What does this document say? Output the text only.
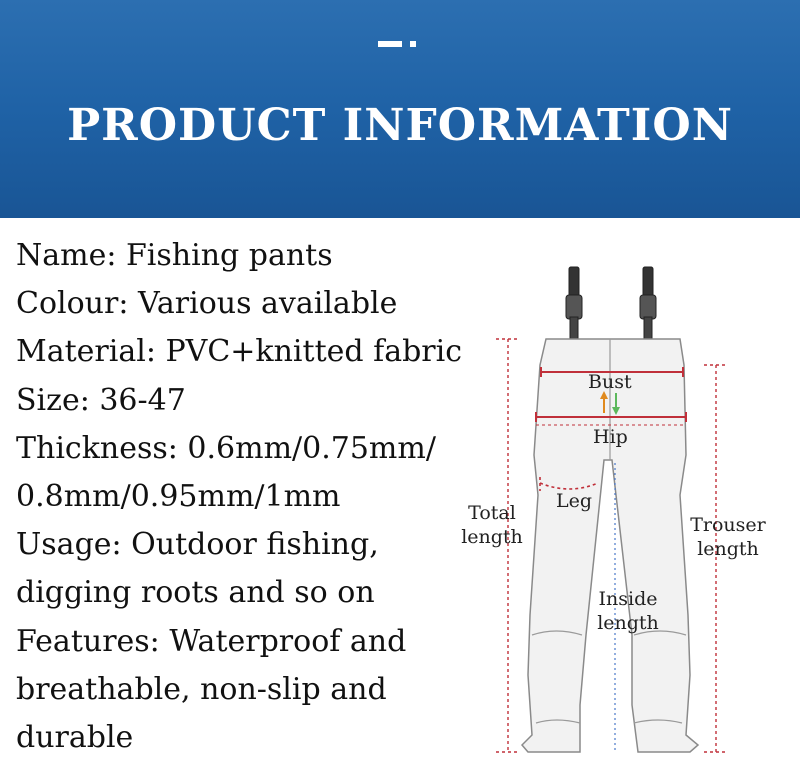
PRODUCT INFORMATION
Name: Fishing pants
Colour: Various available
Material: PVC+knitted fabric
Size: 36-47
Thickness: 0.6mm/0.75mm/
0.8mm/0.95mm/1mm
Usage: Outdoor fishing,
digging roots and so on
Features: Waterproof and
breathable, non-slip and
durable
Bust
Hip
Leg
Total
length
Trouser
length
Inside
length
